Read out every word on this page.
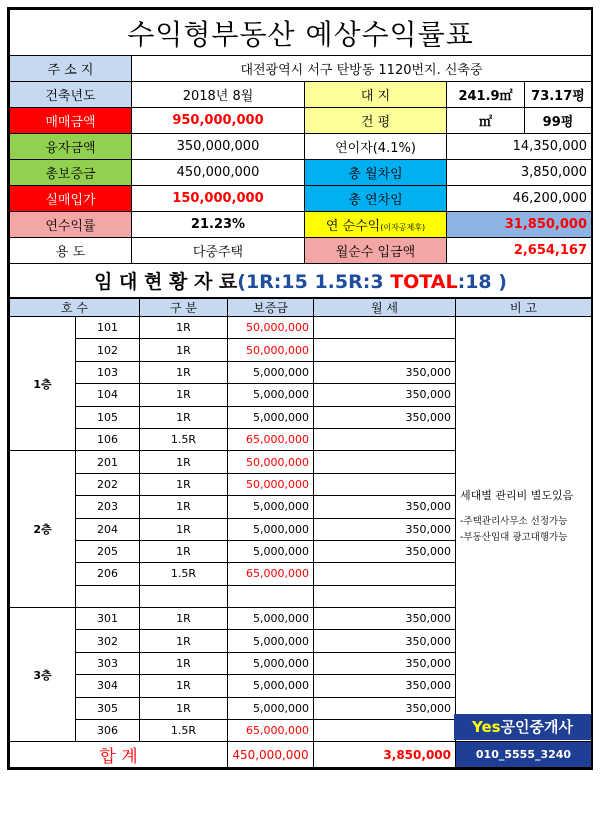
수익형부동산 예상수익률표				
주 소 지	대전광역시 서구 탄방동 1120번지. 신축중			
건축년도	2018년 8월	대 지	241.9㎡	73.17평
매매금액	950,000,000	건 평	㎡	99평
융자금액	350,000,000	연이자(4.1%)	14,350,000	
총보증금	450,000,000	총 월차임	3,850,000	
실매입가	150,000,000	총 연차임	46,200,000	
연수익률	21.23%	연 순수익(이자공제후)	31,850,000	
용 도	다중주택	월순수 입금액	2,654,167	
임 대 현 황 자 료(1R:15 1.5R:3 TOTAL:18 )				
호 수		구 분	보증금	월 세	비 고
1층	101	1R	50,000,000		세대별 관리비 별도있음

-주택관리사무소 선정가능

-부동산임대 광고대행가능

	102	1R	50,000,000		
	103	1R	5,000,000	350,000	
	104	1R	5,000,000	350,000	
	105	1R	5,000,000	350,000	
	106	1.5R	65,000,000		
2층	201	1R	50,000,000		
	202	1R	50,000,000		
	203	1R	5,000,000	350,000	
	204	1R	5,000,000	350,000	
	205	1R	5,000,000	350,000	
	206	1.5R	65,000,000		

3층	301	1R	5,000,000	350,000	
	302	1R	5,000,000	350,000	
	303	1R	5,000,000	350,000	
	304	1R	5,000,000	350,000	
	305	1R	5,000,000	350,000	
	306	1.5R	65,000,000		
합 계			450,000,000	3,850,000	010_5555_3240
Yes공인중개사
